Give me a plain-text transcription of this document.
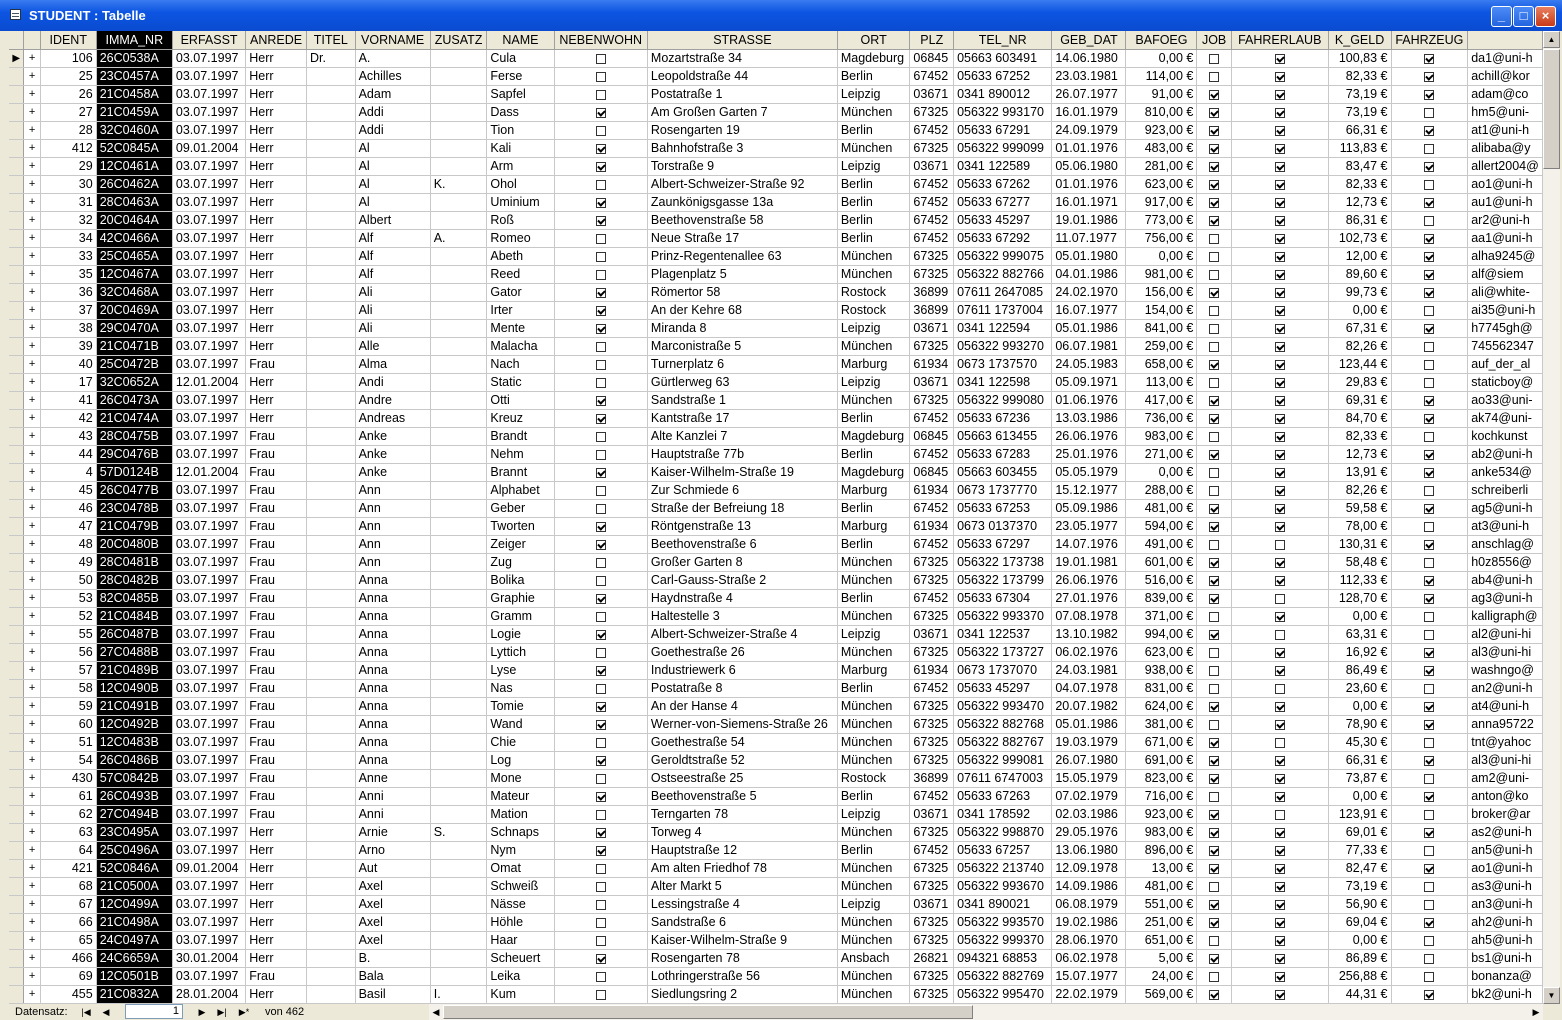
STUDENT : Tabelle	_	□	×
		IDENT	IMMA_NR	ERFASST	ANREDE	TITEL	VORNAME	ZUSATZ	NAME	NEBENWOHN	STRASSE	ORT	PLZ	TEL_NR	GEB_DAT	BAFOEG	JOB	FAHRERLAUB	K_GELD	FAHRZEUG	
▶	+	106	26C0538A	03.07.1997	Herr	Dr.	A.		Cula		Mozartstraße 34	Magdeburg	06845	05663 603491	14.06.1980	0,00 €			100,83 €		da1@uni-h
	+	25	23C0457A	03.07.1997	Herr		Achilles		Ferse		Leopoldstraße 44	Berlin	67452	05633 67252	23.03.1981	114,00 €			82,33 €		achill@kor
	+	26	21C0458A	03.07.1997	Herr		Adam		Sapfel		Postatraße 1	Leipzig	03671	0341 890012	26.07.1977	91,00 €			73,19 €		adam@co
	+	27	21C0459A	03.07.1997	Herr		Addi		Dass		Am Großen Garten 7	München	67325	056322 993170	16.01.1979	810,00 €			73,19 €		hm5@uni-
	+	28	32C0460A	03.07.1997	Herr		Addi		Tion		Rosengarten 19	Berlin	67452	05633 67291	24.09.1979	923,00 €			66,31 €		at1@uni-h
	+	412	52C0845A	09.01.2004	Herr		Al		Kali		Bahnhofstraße 3	München	67325	056322 999099	01.01.1976	483,00 €			113,83 €		alibaba@y
	+	29	12C0461A	03.07.1997	Herr		Al		Arm		Torstraße 9	Leipzig	03671	0341 122589	05.06.1980	281,00 €			83,47 €		allert2004@
	+	30	26C0462A	03.07.1997	Herr		Al	K.	Ohol		Albert-Schweizer-Straße 92	Berlin	67452	05633 67262	01.01.1976	623,00 €			82,33 €		ao1@uni-h
	+	31	28C0463A	03.07.1997	Herr		Al		Uminium		Zaunkönigsgasse 13a	Berlin	67452	05633 67277	16.01.1971	917,00 €			12,73 €		au1@uni-h
	+	32	20C0464A	03.07.1997	Herr		Albert		Roß		Beethovenstraße 58	Berlin	67452	05633 45297	19.01.1986	773,00 €			86,31 €		ar2@uni-h
	+	34	42C0466A	03.07.1997	Herr		Alf	A.	Romeo		Neue Straße 17	Berlin	67452	05633 67292	11.07.1977	756,00 €			102,73 €		aa1@uni-h
	+	33	25C0465A	03.07.1997	Herr		Alf		Abeth		Prinz-Regentenallee 63	München	67325	056322 999075	05.01.1980	0,00 €			12,00 €		alha9245@
	+	35	12C0467A	03.07.1997	Herr		Alf		Reed		Plagenplatz 5	München	67325	056322 882766	04.01.1986	981,00 €			89,60 €		alf@siem
	+	36	32C0468A	03.07.1997	Herr		Ali		Gator		Römertor 58	Rostock	36899	07611 2647085	24.02.1970	156,00 €			99,73 €		ali@white-
	+	37	20C0469A	03.07.1997	Herr		Ali		Irter		An der Kehre 68	Rostock	36899	07611 1737004	16.07.1977	154,00 €			0,00 €		ai35@uni-h
	+	38	29C0470A	03.07.1997	Herr		Ali		Mente		Miranda 8	Leipzig	03671	0341 122594	05.01.1986	841,00 €			67,31 €		h7745gh@
	+	39	21C0471B	03.07.1997	Herr		Alle		Malacha		Marconistraße 5	München	67325	056322 993270	06.07.1981	259,00 €			82,26 €		745562347
	+	40	25C0472B	03.07.1997	Frau		Alma		Nach		Turnerplatz 6	Marburg	61934	0673 1737570	24.05.1983	658,00 €			123,44 €		auf_der_al
	+	17	32C0652A	12.01.2004	Herr		Andi		Static		Gürtlerweg 63	Leipzig	03671	0341 122598	05.09.1971	113,00 €			29,83 €		staticboy@
	+	41	26C0473A	03.07.1997	Herr		Andre		Otti		Sandstraße 1	München	67325	056322 999080	01.06.1976	417,00 €			69,31 €		ao33@uni-
	+	42	21C0474A	03.07.1997	Herr		Andreas		Kreuz		Kantstraße 17	Berlin	67452	05633 67236	13.03.1986	736,00 €			84,70 €		ak74@uni-
	+	43	28C0475B	03.07.1997	Frau		Anke		Brandt		Alte Kanzlei 7	Magdeburg	06845	05663 613455	26.06.1976	983,00 €			82,33 €		kochkunst
	+	44	29C0476B	03.07.1997	Frau		Anke		Nehm		Hauptstraße 77b	Berlin	67452	05633 67283	25.01.1976	271,00 €			12,73 €		ab2@uni-h
	+	4	57D0124B	12.01.2004	Frau		Anke		Brannt		Kaiser-Wilhelm-Straße 19	Magdeburg	06845	05663 603455	05.05.1979	0,00 €			13,91 €		anke534@
	+	45	26C0477B	03.07.1997	Frau		Ann		Alphabet		Zur Schmiede 6	Marburg	61934	0673 1737770	15.12.1977	288,00 €			82,26 €		schreiberli
	+	46	23C0478B	03.07.1997	Frau		Ann		Geber		Straße der Befreiung 18	Berlin	67452	05633 67253	05.09.1986	481,00 €			59,58 €		ag5@uni-h
	+	47	21C0479B	03.07.1997	Frau		Ann		Tworten		Röntgenstraße 13	Marburg	61934	0673 0137370	23.05.1977	594,00 €			78,00 €		at3@uni-h
	+	48	20C0480B	03.07.1997	Frau		Ann		Zeiger		Beethovenstraße 6	Berlin	67452	05633 67297	14.07.1976	491,00 €			130,31 €		anschlag@
	+	49	28C0481B	03.07.1997	Frau		Ann		Zug		Großer Garten 8	München	67325	056322 173738	19.01.1981	601,00 €			58,48 €		h0z8556@
	+	50	28C0482B	03.07.1997	Frau		Anna		Bolika		Carl-Gauss-Straße 2	München	67325	056322 173799	26.06.1976	516,00 €			112,33 €		ab4@uni-h
	+	53	82C0485B	03.07.1997	Frau		Anna		Graphie		Haydnstraße 4	Berlin	67452	05633 67304	27.01.1976	839,00 €			128,70 €		ag3@uni-h
	+	52	21C0484B	03.07.1997	Frau		Anna		Gramm		Haltestelle 3	München	67325	056322 993370	07.08.1978	371,00 €			0,00 €		kalligraph@
	+	55	26C0487B	03.07.1997	Frau		Anna		Logie		Albert-Schweizer-Straße 4	Leipzig	03671	0341 122537	13.10.1982	994,00 €			63,31 €		al2@uni-hi
	+	56	27C0488B	03.07.1997	Frau		Anna		Lyttich		Goethestraße 26	München	67325	056322 173727	06.02.1976	623,00 €			16,92 €		al3@uni-hi
	+	57	21C0489B	03.07.1997	Frau		Anna		Lyse		Industriewerk 6	Marburg	61934	0673 1737070	24.03.1981	938,00 €			86,49 €		washngo@
	+	58	12C0490B	03.07.1997	Frau		Anna		Nas		Postatraße 8	Berlin	67452	05633 45297	04.07.1978	831,00 €			23,60 €		an2@uni-h
	+	59	21C0491B	03.07.1997	Frau		Anna		Tomie		An der Hanse 4	München	67325	056322 993470	20.07.1982	624,00 €			0,00 €		at4@uni-h
	+	60	12C0492B	03.07.1997	Frau		Anna		Wand		Werner-von-Siemens-Straße 26	München	67325	056322 882768	05.01.1986	381,00 €			78,90 €		anna95722
	+	51	12C0483B	03.07.1997	Frau		Anna		Chie		Goethestraße 54	München	67325	056322 882767	19.03.1979	671,00 €			45,30 €		tnt@yahoc
	+	54	26C0486B	03.07.1997	Frau		Anna		Log		Geroldtstraße 52	München	67325	056322 999081	26.07.1980	691,00 €			66,31 €		al3@uni-hi
	+	430	57C0842B	03.07.1997	Frau		Anne		Mone		Ostseestraße 25	Rostock	36899	07611 6747003	15.05.1979	823,00 €			73,87 €		am2@uni-
	+	61	26C0493B	03.07.1997	Frau		Anni		Mateur		Beethovenstraße 5	Berlin	67452	05633 67263	07.02.1979	716,00 €			0,00 €		anton@ko
	+	62	27C0494B	03.07.1997	Frau		Anni		Mation		Terngarten 78	Leipzig	03671	0341 178592	02.03.1986	923,00 €			123,91 €		broker@ar
	+	63	23C0495A	03.07.1997	Herr		Arnie	S.	Schnaps		Torweg 4	München	67325	056322 998870	29.05.1976	983,00 €			69,01 €		as2@uni-h
	+	64	25C0496A	03.07.1997	Herr		Arno		Nym		Hauptstraße 12	Berlin	67452	05633 67257	13.06.1980	896,00 €			77,33 €		an5@uni-h
	+	421	52C0846A	09.01.2004	Herr		Aut		Omat		Am alten Friedhof 78	München	67325	056322 213740	12.09.1978	13,00 €			82,47 €		ao1@uni-h
	+	68	21C0500A	03.07.1997	Herr		Axel		Schweiß		Alter Markt 5	München	67325	056322 993670	14.09.1986	481,00 €			73,19 €		as3@uni-h
	+	67	12C0499A	03.07.1997	Herr		Axel		Nässe		Lessingstraße 4	Leipzig	03671	0341 890021	06.08.1979	551,00 €			56,90 €		an3@uni-h
	+	66	21C0498A	03.07.1997	Herr		Axel		Höhle		Sandstraße 6	München	67325	056322 993570	19.02.1986	251,00 €			69,04 €		ah2@uni-h
	+	65	24C0497A	03.07.1997	Herr		Axel		Haar		Kaiser-Wilhelm-Straße 9	München	67325	056322 999370	28.06.1970	651,00 €			0,00 €		ah5@uni-h
	+	466	24C6659A	30.01.2004	Herr		B.		Scheuert		Rosengarten 78	Ansbach	26821	094321 68853	06.02.1978	5,00 €			86,89 €		bs1@uni-h
	+	69	12C0501B	03.07.1997	Frau		Bala		Leika		Lothringerstraße 56	München	67325	056322 882769	15.07.1977	24,00 €			256,88 €		bonanza@
	+	455	21C0832A	28.01.2004	Herr		Basil	I.	Kum		Siedlungsring 2	München	67325	056322 995470	22.02.1979	569,00 €			44,31 €		bk2@uni-h
▲
▼
Datensatz: |◀	◀	1	▶	▶| ▶* von 462	◀	▶
